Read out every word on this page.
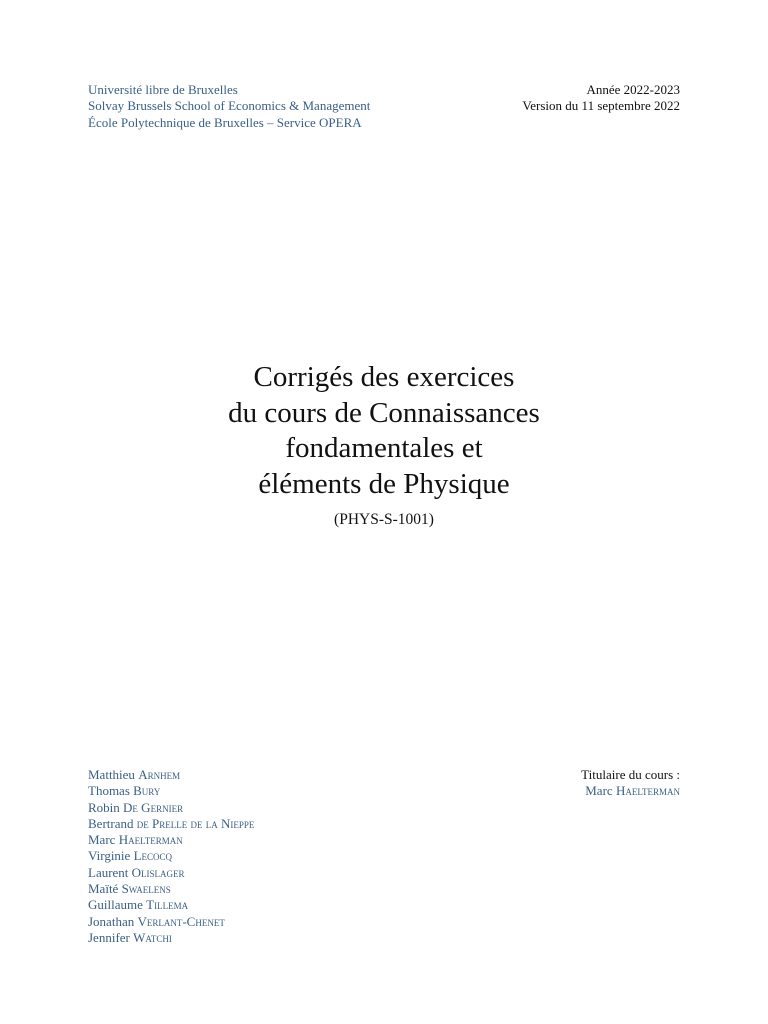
Université libre de Bruxelles
Solvay Brussels School of Economics & Management
École Polytechnique de Bruxelles – Service OPERA
Année 2022-2023
Version du 11 septembre 2022
Corrigés des exercices
du cours de Connaissances
fondamentales et
éléments de Physique
(PHYS-S-1001)
Matthieu Arnhem
Thomas Bury
Robin De Gernier
Bertrand de Prelle de la Nieppe
Marc Haelterman
Virginie Lecocq
Laurent Olislager
Maïté Swaelens
Guillaume Tillema
Jonathan Verlant-Chenet
Jennifer Watchi
Titulaire du cours :
Marc Haelterman
